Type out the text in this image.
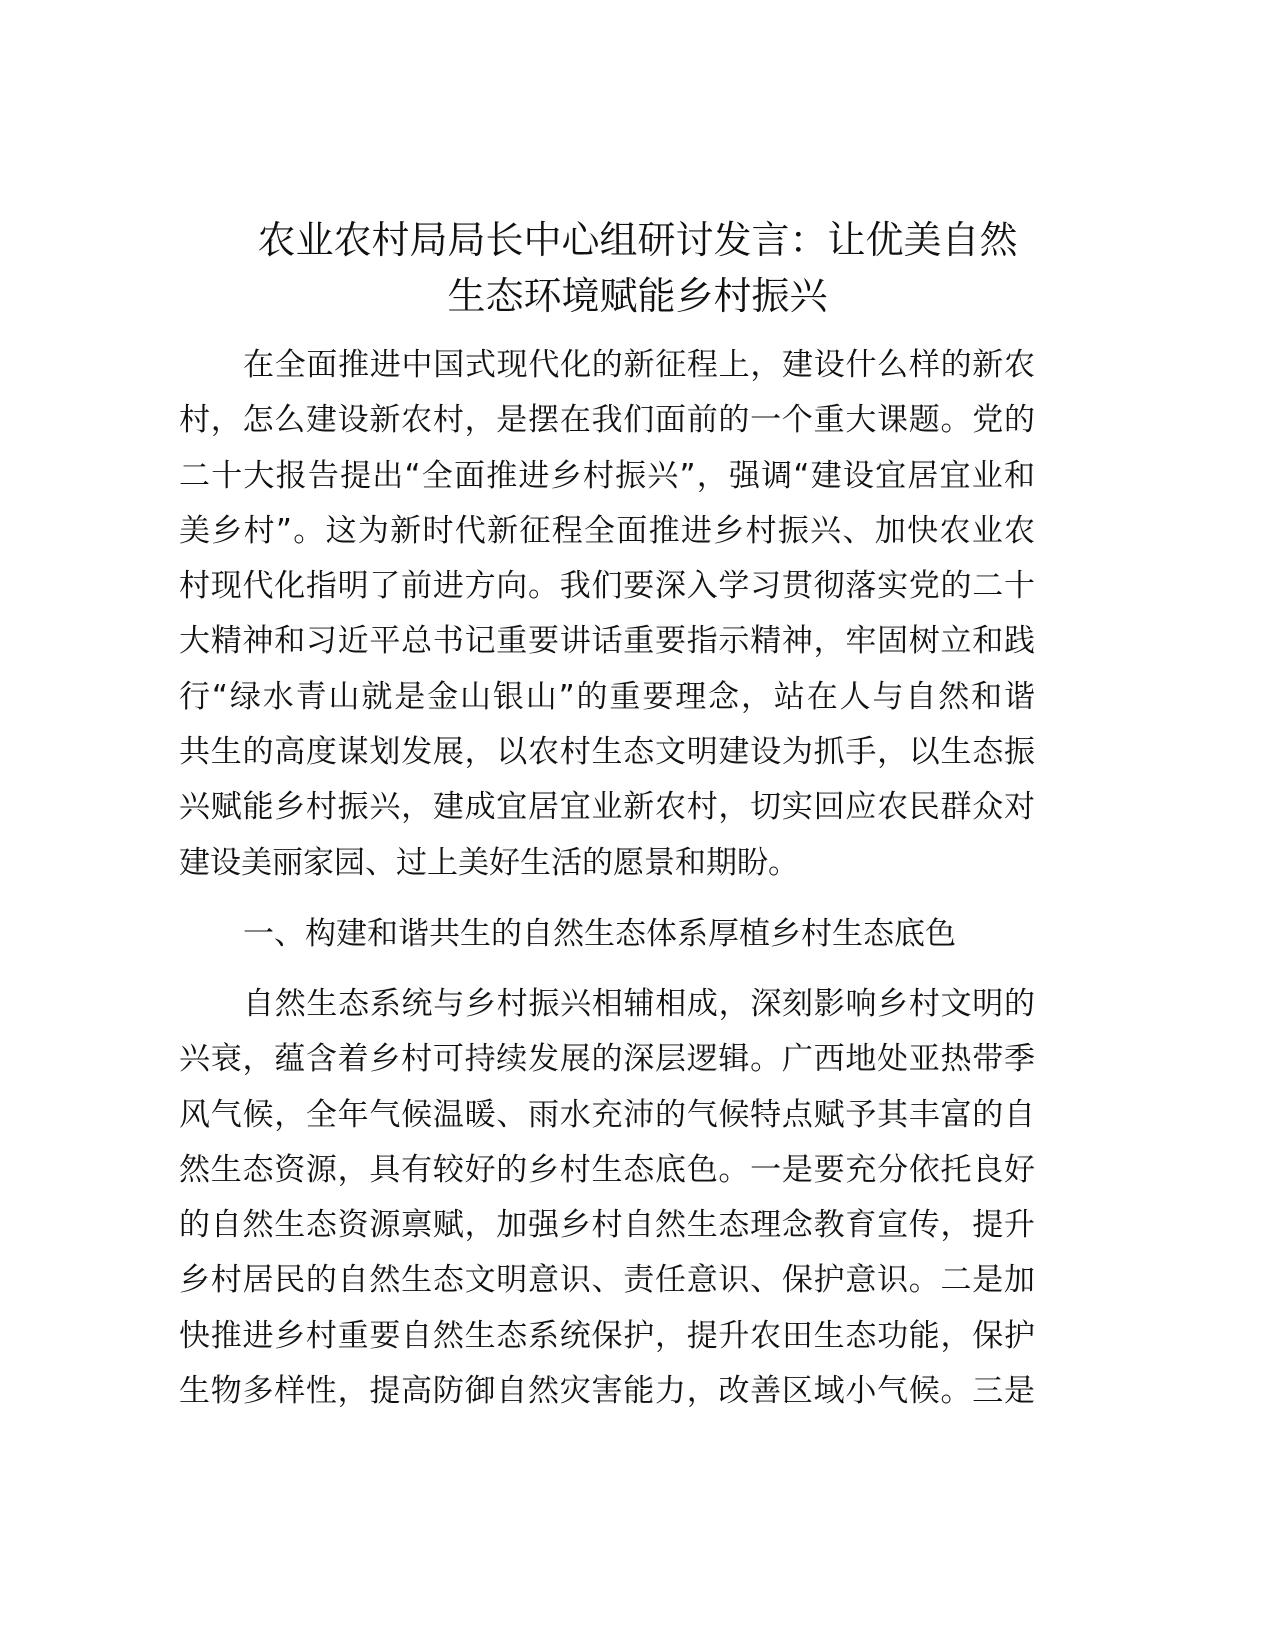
农业农村局局长中心组研讨发言：让优美自然
生态环境赋能乡村振兴
在全面推进中国式现代化的新征程上，建设什么样的新农
村，怎么建设新农村，是摆在我们面前的一个重大课题。党的
二十大报告提出“全面推进乡村振兴”，强调“建设宜居宜业和
美乡村”。这为新时代新征程全面推进乡村振兴、加快农业农
村现代化指明了前进方向。我们要深入学习贯彻落实党的二十
大精神和习近平总书记重要讲话重要指示精神，牢固树立和践
行“绿水青山就是金山银山”的重要理念，站在人与自然和谐
共生的高度谋划发展，以农村生态文明建设为抓手，以生态振
兴赋能乡村振兴，建成宜居宜业新农村，切实回应农民群众对
建设美丽家园、过上美好生活的愿景和期盼。
一、构建和谐共生的自然生态体系厚植乡村生态底色
自然生态系统与乡村振兴相辅相成，深刻影响乡村文明的
兴衰，蕴含着乡村可持续发展的深层逻辑。广西地处亚热带季
风气候，全年气候温暖、雨水充沛的气候特点赋予其丰富的自
然生态资源，具有较好的乡村生态底色。一是要充分依托良好
的自然生态资源禀赋，加强乡村自然生态理念教育宣传，提升
乡村居民的自然生态文明意识、责任意识、保护意识。二是加
快推进乡村重要自然生态系统保护，提升农田生态功能，保护
生物多样性，提高防御自然灾害能力，改善区域小气候。三是
